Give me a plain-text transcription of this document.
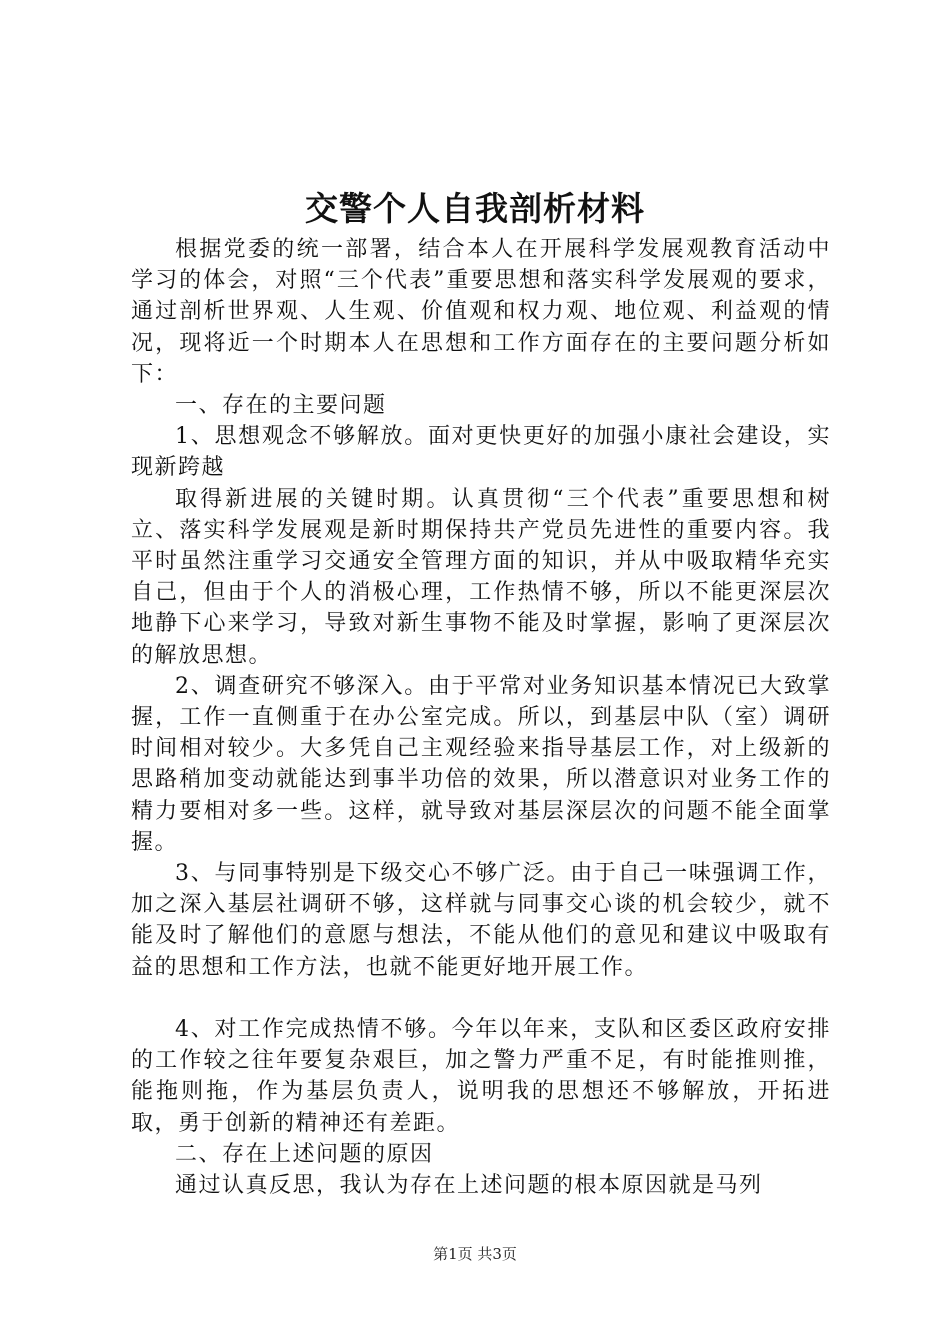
交警个人自我剖析材料

根据党委的统一部署，结合本人在开展科学发展观教育活动中学习的体会，对照“三个代表”重要思想和落实科学发展观的要求，通过剖析世界观、人生观、价值观和权力观、地位观、利益观的情况，现将近一个时期本人在思想和工作方面存在的主要问题分析如下：

一、存在的主要问题

1、思想观念不够解放。面对更快更好的加强小康社会建设，实现新跨越

取得新进展的关键时期。认真贯彻“三个代表”重要思想和树立、落实科学发展观是新时期保持共产党员先进性的重要内容。我平时虽然注重学习交通安全管理方面的知识，并从中吸取精华充实自己，但由于个人的消极心理，工作热情不够，所以不能更深层次地静下心来学习，导致对新生事物不能及时掌握，影响了更深层次的解放思想。

2、调查研究不够深入。由于平常对业务知识基本情况已大致掌握，工作一直侧重于在办公室完成。所以，到基层中队（室）调研时间相对较少。大多凭自己主观经验来指导基层工作，对上级新的思路稍加变动就能达到事半功倍的效果，所以潜意识对业务工作的精力要相对多一些。这样，就导致对基层深层次的问题不能全面掌握。

3、与同事特别是下级交心不够广泛。由于自己一味强调工作，加之深入基层社调研不够，这样就与同事交心谈的机会较少，就不能及时了解他们的意愿与想法，不能从他们的意见和建议中吸取有益的思想和工作方法，也就不能更好地开展工作。

4、对工作完成热情不够。今年以年来，支队和区委区政府安排的工作较之往年要复杂艰巨，加之警力严重不足，有时能推则推，能拖则拖，作为基层负责人，说明我的思想还不够解放，开拓进取，勇于创新的精神还有差距。

二、存在上述问题的原因

通过认真反思，我认为存在上述问题的根本原因就是马列

第1页 共3页
